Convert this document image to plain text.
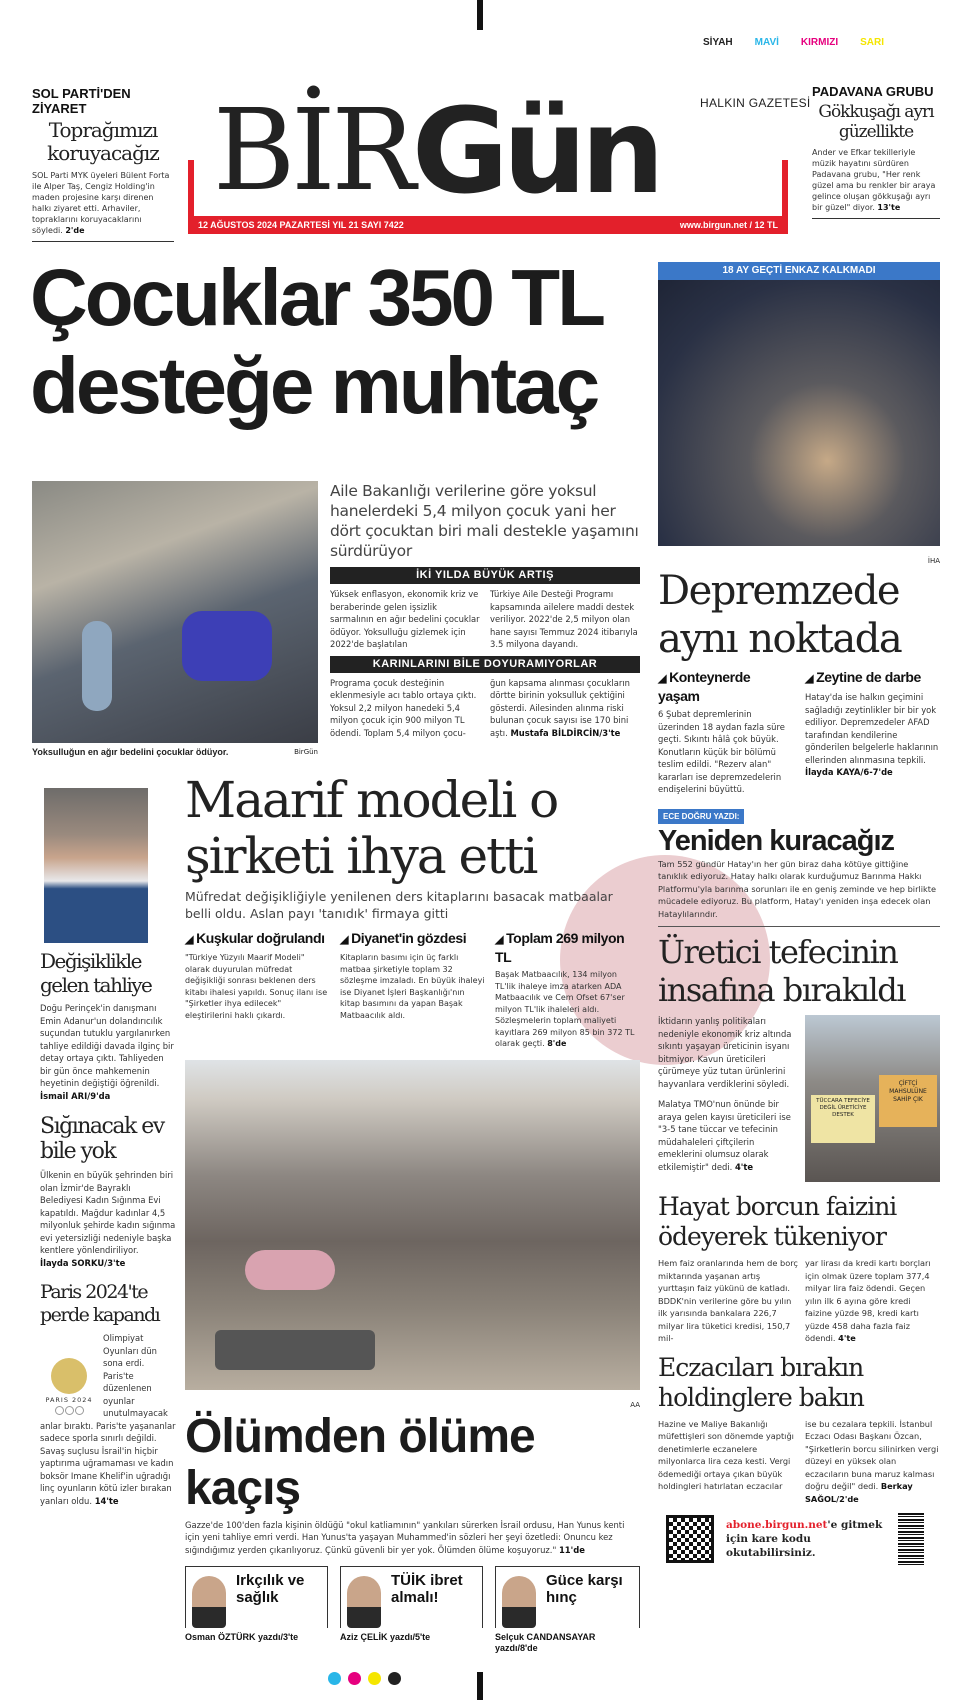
SİYAH MAVİ KIRMIZI SARI
SOL PARTİ'DEN ZİYARET
Toprağımızı koruyacağız
SOL Parti MYK üyeleri Bülent Forta ile Alper Taş, Cengiz Holding'in maden projesine karşı direnen halkı ziyaret etti. Arhaviler, topraklarını koruyacaklarını söyledi. 2'de
12 AĞUSTOS 2024 PAZARTESİ YIL 21 SAYI 7422	www.birgun.net / 12 TL
BİR Gün	HALKIN GAZETESİ
PADAVANA GRUBU
Gökkuşağı ayrı güzellikte
Ander ve Efkar tekilleriyle müzik hayatını sürdüren Padavana grubu, "Her renk güzel ama bu renkler bir araya gelince oluşan gökkuşağı ayrı bir güzel" diyor. 13'te
Çocuklar 350 TL desteğe muhtaç
Değişiklikle gelen tahliye
Doğu Perinçek'in danışmanı Emin Adanur'un dolandırıcılık suçundan tutuklu yargılanırken tahliye edildiği davada ilginç bir detay ortaya çıktı. Tahliyeden bir gün önce mahkemenin heyetinin değiştiği öğrenildi.
İsmail ARI/9'da
Sığınacak ev bile yok
Ülkenin en büyük şehrinden biri olan İzmir'de Bayraklı Belediyesi Kadın Sığınma Evi kapatıldı. Mağdur kadınlar 4,5 milyonluk şehirde kadın sığınma evi yetersizliği nedeniyle başka kentlere yönlendiriliyor.
İlayda SORKU/3'te
Paris 2024'te perde kapandı
PARIS 2024
Olimpiyat Oyunları dün sona erdi. Paris'te düzenlenen oyunlar unutulmayacak anlar bıraktı. Paris'te yaşananlar sadece sporla sınırlı değildi. Savaş suçlusu İsrail'in hiçbir yaptırıma uğramaması ve kadın boksör Imane Khelif'in uğradığı linç oyunların kötü izler bırakan yanları oldu. 14'te
Yoksulluğun en ağır bedelini çocuklar ödüyor.	BirGün
Aile Bakanlığı verilerine göre yoksul hanelerdeki 5,4 milyon çocuk yani her dört çocuktan biri mali destekle yaşamını sürdürüyor
İKİ YILDA BÜYÜK ARTIŞ
Yüksek enflasyon, ekonomik kriz ve beraberinde gelen işsizlik sarmalının en ağır bedelini çocuklar ödüyor. Yoksulluğu gizlemek için 2022'de başlatılan
Türkiye Aile Desteği Programı kapsamında ailelere maddi destek veriliyor. 2022'de 2,5 milyon olan hane sayısı Temmuz 2024 itibarıyla 3.5 milyona dayandı.
KARINLARINI BİLE DOYURAMIYORLAR
Programa çocuk desteğinin eklenmesiyle acı tablo ortaya çıktı. Yoksul 2,2 milyon hanedeki 5,4 milyon çocuk için 900 milyon TL ödendi. Toplam 5,4 milyon çocu-
ğun kapsama alınması çocukların dörtte birinin yoksulluk çektiğini gösterdi. Ailesinden alınma riski bulunan çocuk sayısı ise 170 bini aştı. Mustafa BİLDİRCİN/3'te
Maarif modeli o şirketi ihya etti
Müfredat değişikliğiyle yenilenen ders kitaplarını basacak matbaalar belli oldu. Aslan payı 'tanıdık' firmaya gitti
◢ Kuşkular doğrulandı
"Türkiye Yüzyılı Maarif Modeli" olarak duyurulan müfredat değişikliği sonrası beklenen ders kitabı ihalesi yapıldı. Sonuç ilanı ise "Şirketler ihya edilecek" eleştirilerini haklı çıkardı.
◢ Diyanet'in gözdesi
Kitapların basımı için üç farklı matbaa şirketiyle toplam 32 sözleşme imzaladı. En büyük ihaleyi ise Diyanet İşleri Başkanlığı'nın kitap basımını da yapan Başak Matbaacılık aldı.
◢ Toplam 269 milyon TL
Başak Matbaacılık, 134 milyon TL'lik ihaleye imza atarken ADA Matbaacılık ve Cem Ofset 67'ser milyon TL'lik ihaleleri aldı. Sözleşmelerin toplam maliyeti kayıtlara 269 milyon 85 bin 372 TL olarak geçti. 8'de
AA
Ölümden ölüme kaçış
Gazze'de 100'den fazla kişinin öldüğü "okul katliamının" yankıları sürerken İsrail ordusu, Han Yunus kenti için yeni tahliye emri verdi. Han Yunus'ta yaşayan Muhammed'in sözleri her şeyi özetledi: Onuncu kez sığındığımız yerden çıkarılıyoruz. Çünkü güvenli bir yer yok. Ölümden ölüme koşuyoruz." 11'de
Irkçılık ve sağlık
Osman ÖZTÜRK yazdı/3'te
TÜİK ibret almalı!
Aziz ÇELİK yazdı/5'te
Güce karşı hınç
Selçuk CANDANSAYAR yazdı/8'de
18 AY GEÇTİ ENKAZ KALKMADI
İHA
Depremzede aynı noktada
◢ Konteynerde yaşam
6 Şubat depremlerinin üzerinden 18 aydan fazla süre geçti. Sıkıntı hâlâ çok büyük. Konutların küçük bir bölümü teslim edildi. "Rezerv alan" kararları ise depremzedelerin endişelerini büyüttü.
◢ Zeytine de darbe
Hatay'da ise halkın geçimini sağladığı zeytinlikler bir bir yok ediliyor. Depremzedeler AFAD tarafından kendilerine gönderilen belgelerle haklarının ellerinden alınmasına tepkili. İlayda KAYA/6-7'de
ECE DOĞRU YAZDI:
Yeniden kuracağız
Tam 552 gündür Hatay'ın her gün biraz daha kötüye gittiğine tanıklık ediyoruz. Hatay halkı olarak kurduğumuz Barınma Hakkı Platformu'yla barınma sorunları ile en geniş zeminde ve hep birlikte mücadele ediyoruz. Bu platform, Hatay'ı yeniden inşa edecek olan Hataylılarındır.
Üretici tefecinin insafına bırakıldı
İktidarın yanlış politikaları nedeniyle ekonomik kriz altında sıkıntı yaşayan üreticinin isyanı bitmiyor. Kavun üreticileri çürümeye yüz tutan ürünlerini hayvanlara verdiklerini söyledi.
Malatya TMO'nun önünde bir araya gelen kayısı üreticileri ise "3-5 tane tüccar ve tefecinin müdahaleleri çiftçilerin emeklerini olumsuz olarak etkilemiştir" dedi. 4'te
TÜCCARA TEFECİYE DEĞİL ÜRETİCİYE DESTEK
ÇİFTÇİ MAHSULÜNE SAHİP ÇIK
Hayat borcun faizini ödeyerek tükeniyor
Hem faiz oranlarında hem de borç miktarında yaşanan artış yurttaşın faiz yükünü de katladı. BDDK'nin verilerine göre bu yılın ilk yarısında bankalara 226,7 milyar lira tüketici kredisi, 150,7 mil-
yar lirası da kredi kartı borçları için olmak üzere toplam 377,4 milyar lira faiz ödendi. Geçen yılın ilk 6 ayına göre kredi faizine yüzde 98, kredi kartı yüzde 458 daha fazla faiz ödendi. 4'te
Eczacıları bırakın holdinglere bakın
Hazine ve Maliye Bakanlığı müfettişleri son dönemde yaptığı denetimlerle eczanelere milyonlarca lira ceza kesti. Vergi ödemediği ortaya çıkan büyük holdingleri hatırlatan eczacılar
ise bu cezalara tepkili. İstanbul Eczacı Odası Başkanı Özcan, "Şirketlerin borcu silinirken vergi düzeyi en yüksek olan eczacıların buna maruz kalması doğru değil" dedi. Berkay SAĞOL/2'de
abone.birgun.net'e gitmek için kare kodu okutabilirsiniz.
